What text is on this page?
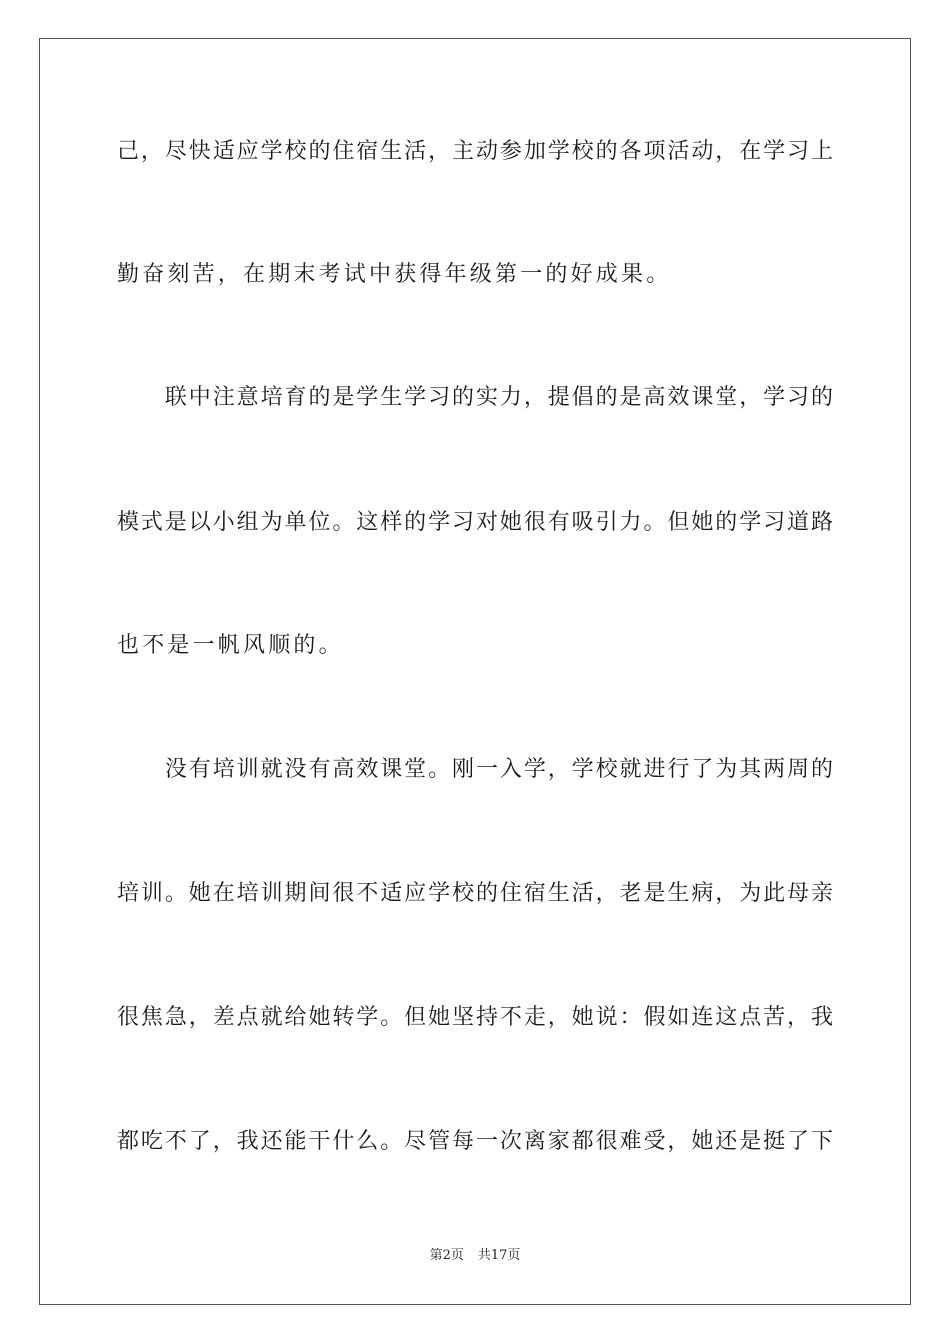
己，尽快适应学校的住宿生活，主动参加学校的各项活动，在学习上
勤奋刻苦，在期末考试中获得年级第一的好成果。
　　联中注意培育的是学生学习的实力，提倡的是高效课堂，学习的
模式是以小组为单位。这样的学习对她很有吸引力。但她的学习道路
也不是一帆风顺的。
　　没有培训就没有高效课堂。刚一入学，学校就进行了为其两周的
培训。她在培训期间很不适应学校的住宿生活，老是生病，为此母亲
很焦急，差点就给她转学。但她坚持不走，她说：假如连这点苦，我
都吃不了，我还能干什么。尽管每一次离家都很难受，她还是挺了下
第2页 共17页
